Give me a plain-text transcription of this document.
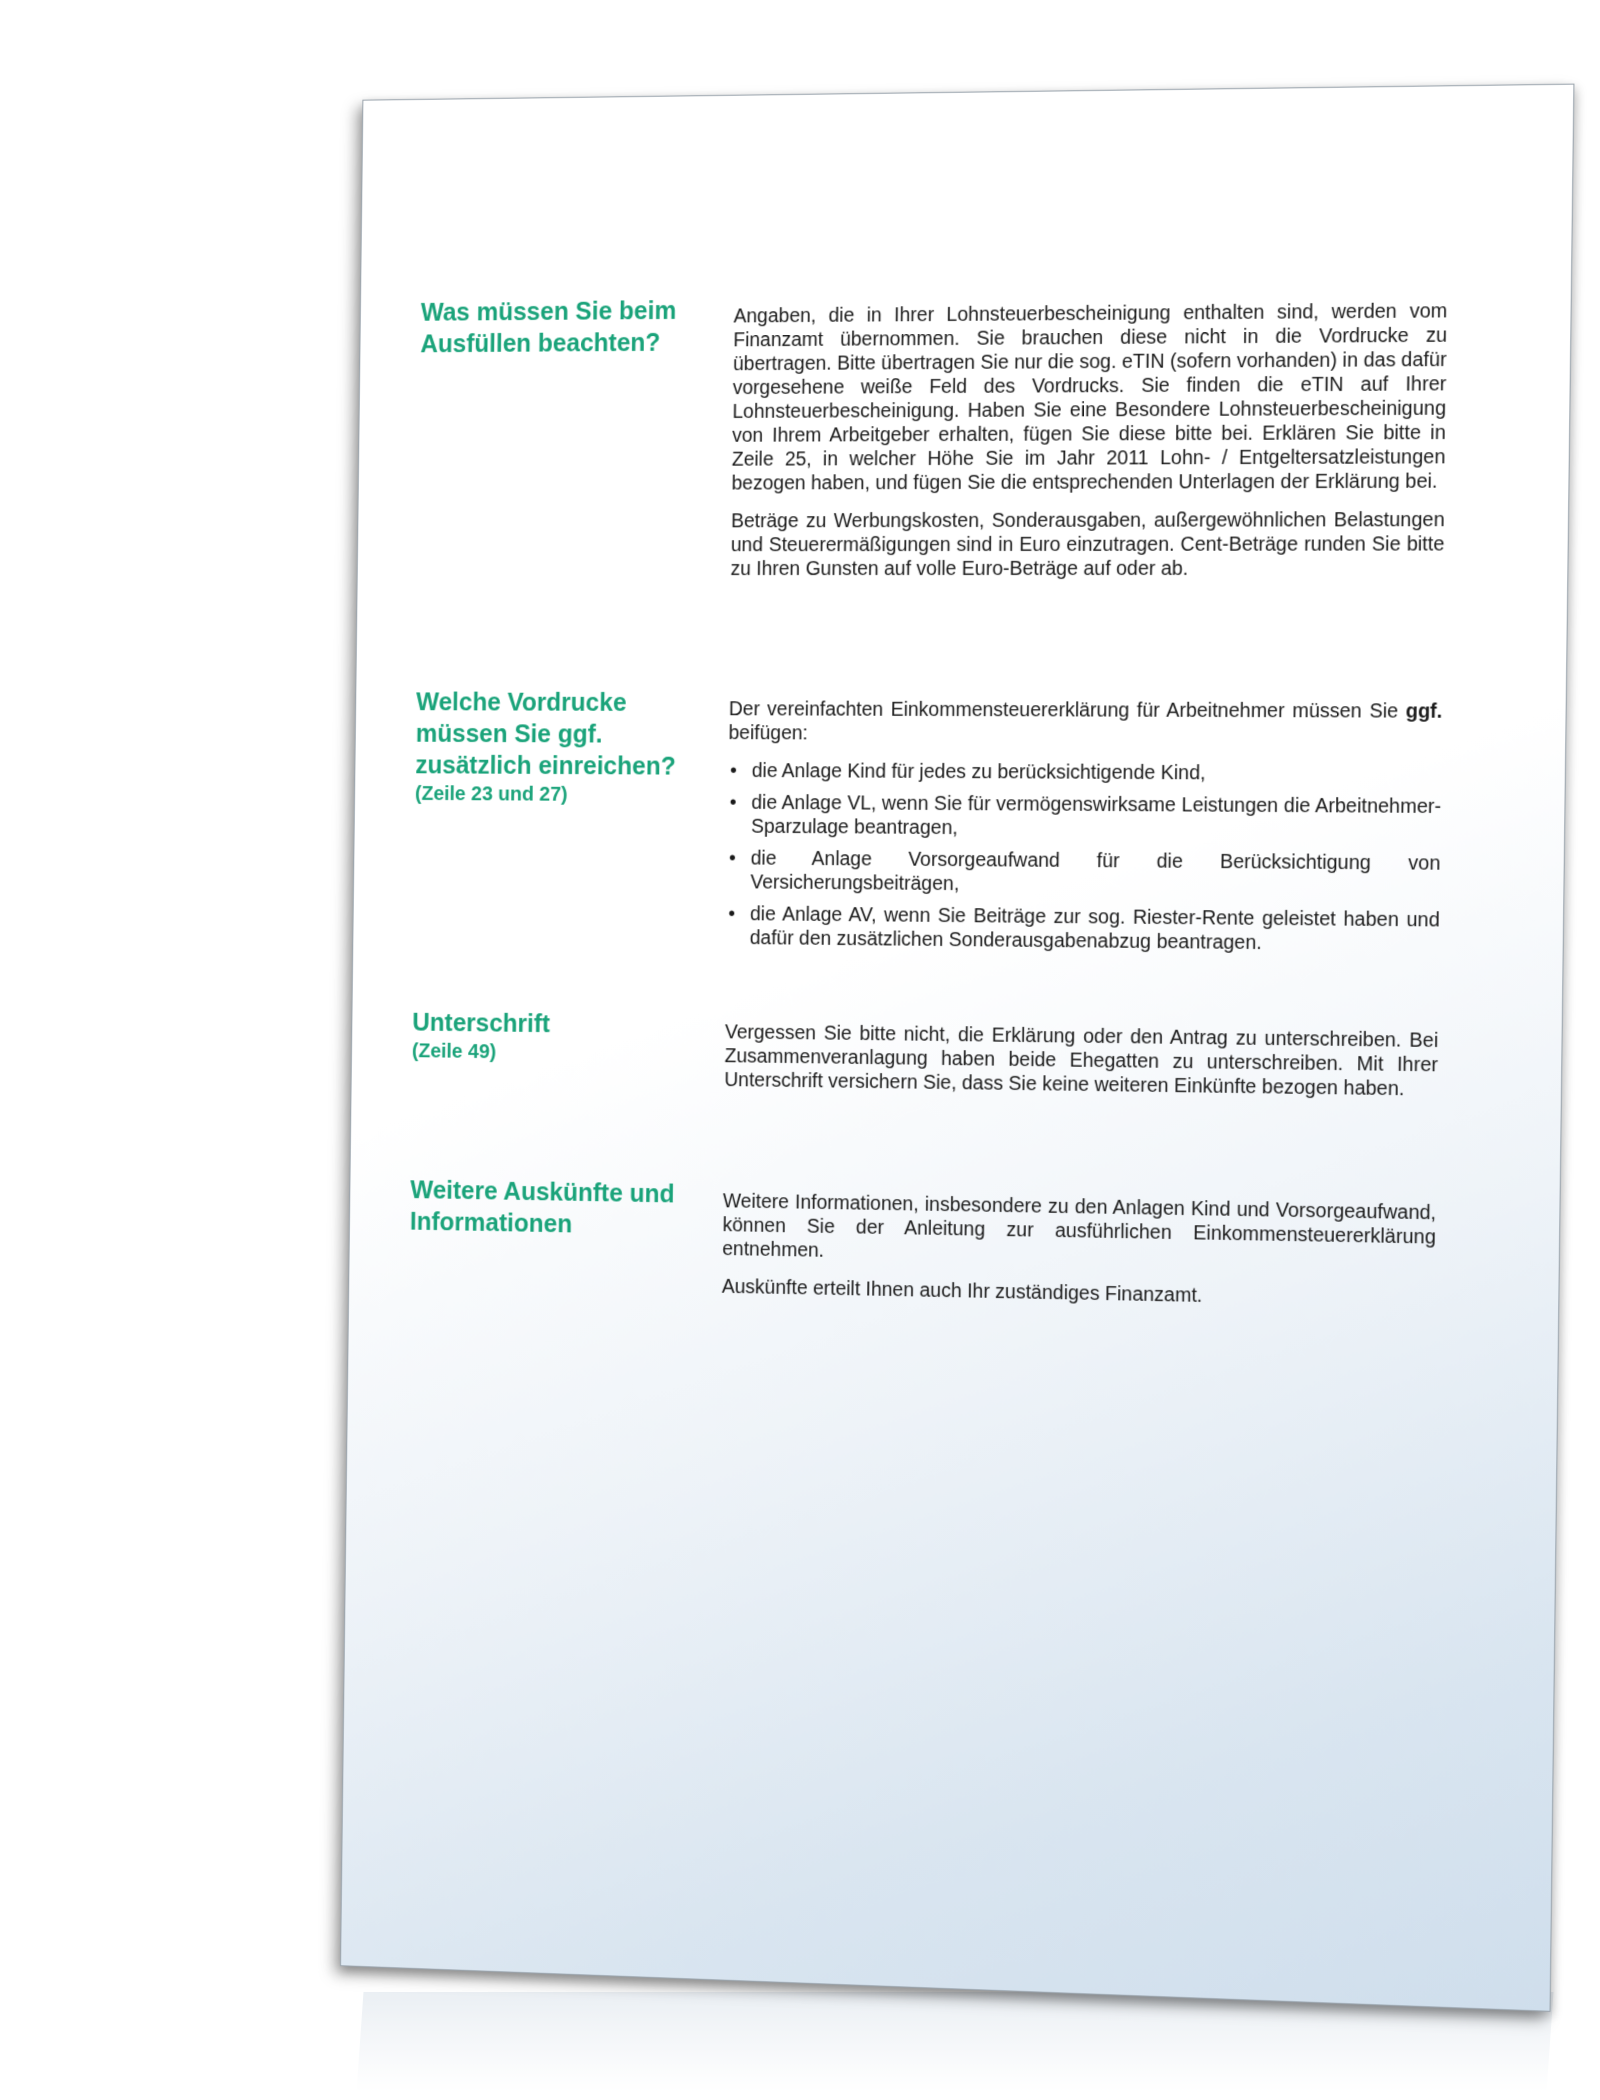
Was müssen Sie beim Ausfüllen beachten?

Angaben, die in Ihrer Lohnsteuerbescheinigung enthalten sind, werden vom Finanzamt übernommen. Sie brauchen diese nicht in die Vordrucke zu übertragen. Bitte übertragen Sie nur die sog. eTIN (sofern vorhanden) in das dafür vorgesehene weiße Feld des Vordrucks. Sie finden die eTIN auf Ihrer Lohnsteuerbescheinigung. Haben Sie eine Besondere Lohnsteuerbescheinigung von Ihrem Arbeitgeber erhalten, fügen Sie diese bitte bei. Erklären Sie bitte in Zeile 25, in welcher Höhe Sie im Jahr 2011 Lohn- / Entgeltersatzleistungen bezogen haben, und fügen Sie die entsprechenden Unterlagen der Erklärung bei.

Beträge zu Werbungskosten, Sonderausgaben, außergewöhnlichen Belastungen und Steuerermäßigungen sind in Euro einzutragen. Cent-Beträge runden Sie bitte zu Ihren Gunsten auf volle Euro-Beträge auf oder ab.

Welche Vordrucke müssen Sie ggf. zusätzlich einreichen?
(Zeile 23 und 27)

Der vereinfachten Einkommensteuererklärung für Arbeitnehmer müssen Sie ggf. beifügen:

• die Anlage Kind für jedes zu berücksichtigende Kind,
• die Anlage VL, wenn Sie für vermögenswirksame Leistungen die Arbeitnehmer-Sparzulage beantragen,
• die Anlage Vorsorgeaufwand für die Berücksichtigung von Versicherungsbeiträgen,
• die Anlage AV, wenn Sie Beiträge zur sog. Riester-Rente geleistet haben und dafür den zusätzlichen Sonderausgabenabzug beantragen.
Unterschrift
(Zeile 49)	Vergessen Sie bitte nicht, die Erklärung oder den Antrag zu unterschreiben. Bei Zusammenveranlagung haben beide Ehegatten zu unterschreiben. Mit Ihrer Unterschrift versichern Sie, dass Sie keine weiteren Einkünfte bezogen haben.

Weitere Auskünfte und Informationen	Weitere Informationen, insbesondere zu den Anlagen Kind und Vorsorgeaufwand, können Sie der Anleitung zur ausführlichen Einkommensteuererklärung entnehmen.

Auskünfte erteilt Ihnen auch Ihr zuständiges Finanzamt.
